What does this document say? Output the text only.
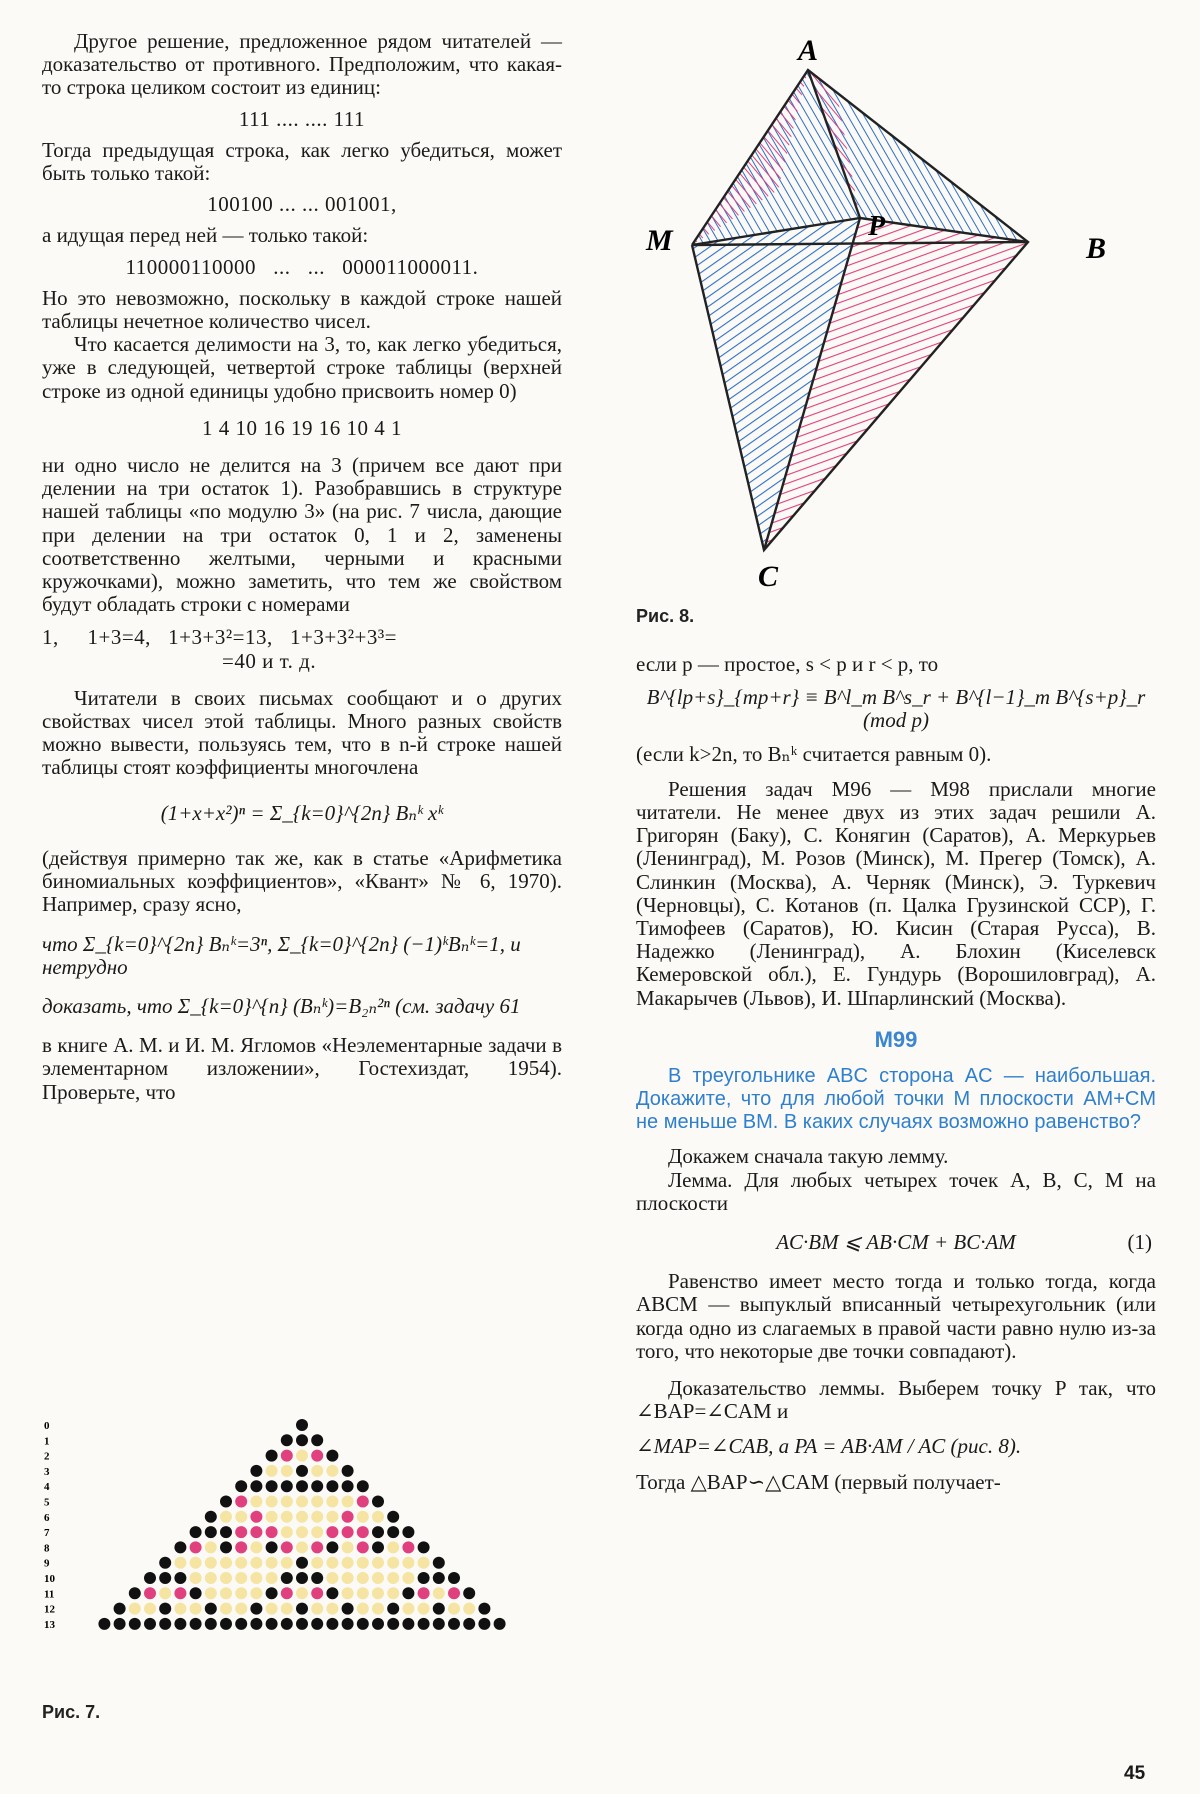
Другое решение, предложенное рядом читателей — доказательство от противного. Предположим, что какая-то строка целиком состоит из единиц:

111 .... .... 111

Тогда предыдущая строка, как легко убедиться, может быть только такой:

100100 ... ... 001001,

а идущая перед ней — только такой:

110000110000   ...   ...   000011000011.

Но это невозможно, поскольку в каждой строке нашей таблицы нечетное количество чисел.

Что касается делимости на 3, то, как легко убедиться, уже в следующей, четвертой строке таблицы (верхней строке из одной единицы удобно присвоить номер 0)

1 4 10 16 19 16 10 4 1

ни одно число не делится на 3 (причем все дают при делении на три остаток 1). Разобравшись в структуре нашей таблицы «по модулю 3» (на рис. 7 числа, дающие при делении на три остаток 0, 1 и 2, заменены соответственно желтыми, черными и красными кружочками), можно заметить, что тем же свойством будут обладать строки с номерами

1,     1+3=4,   1+3+3²=13,   1+3+3²+3³=

=40 и т. д.

Читатели в своих письмах сообщают и о других свойствах чисел этой таблицы. Много разных свойств можно вывести, пользуясь тем, что в n-й строке нашей таблицы стоят коэффициенты многочлена

(1+x+x²)ⁿ = Σ_{k=0}^{2n} Bₙᵏ xᵏ

(действуя примерно так же, как в статье «Арифметика биномиальных коэффициентов», «Квант» № 6, 1970). Например, сразу ясно,

что Σ_{k=0}^{2n} Bₙᵏ=3ⁿ, Σ_{k=0}^{2n} (−1)ᵏBₙᵏ=1, и нетрудно

доказать, что Σ_{k=0}^{n} (Bₙᵏ)=B₂ₙ²ⁿ (см. задачу 61

в книге А. М. и И. М. Ягломов «Неэлементарные задачи в элементарном изложении», Гостехиздат, 1954). Проверьте, что

0
1
2
3
4
5
6
7
8
9
10
11
12
13
Рис. 7.
A
M	B
P
C
Рис. 8.

если p — простое, s < p и r < p, то

B^{lp+s}_{mp+r} ≡ B^l_m B^s_r + B^{l−1}_m B^{s+p}_r (mod p)

(если k>2n, то Bₙᵏ считается равным 0).

Решения задач M96 — M98 прислали многие читатели. Не менее двух из этих задач решили А. Григорян (Баку), С. Конягин (Саратов), А. Меркурьев (Ленинград), М. Розов (Минск), М. Прегер (Томск), А. Слинкин (Москва), А. Черняк (Минск), Э. Туркевич (Черновцы), С. Котанов (п. Цалка Грузинской ССР), Г. Тимофеев (Саратов), Ю. Кисин (Старая Русса), В. Надежко (Ленинград), А. Блохин (Киселевск Кемеровской обл.), Е. Гундурь (Ворошиловград), А. Макарычев (Львов), И. Шпарлинский (Москва).

M99

В треугольнике ABC сторона AC — наибольшая. Докажите, что для любой точки M плоскости AM+CM не меньше BM. В каких случаях возможно равенство?

Докажем сначала такую лемму.

Лемма. Для любых четырех точек A, B, C, M на плоскости

AC·BM ⩽ AB·CM + BC·AM	(1)

Равенство имеет место тогда и только тогда, когда ABCM — выпуклый вписанный четырехугольник (или когда одно из слагаемых в правой части равно нулю из-за того, что некоторые две точки совпадают).

Доказательство леммы. Выберем точку P так, что ∠BAP=∠CAM и

∠MAP=∠CAB, а PA = AB·AM / AC (рис. 8).

Тогда △BAP∽△CAM (первый получает-

45
